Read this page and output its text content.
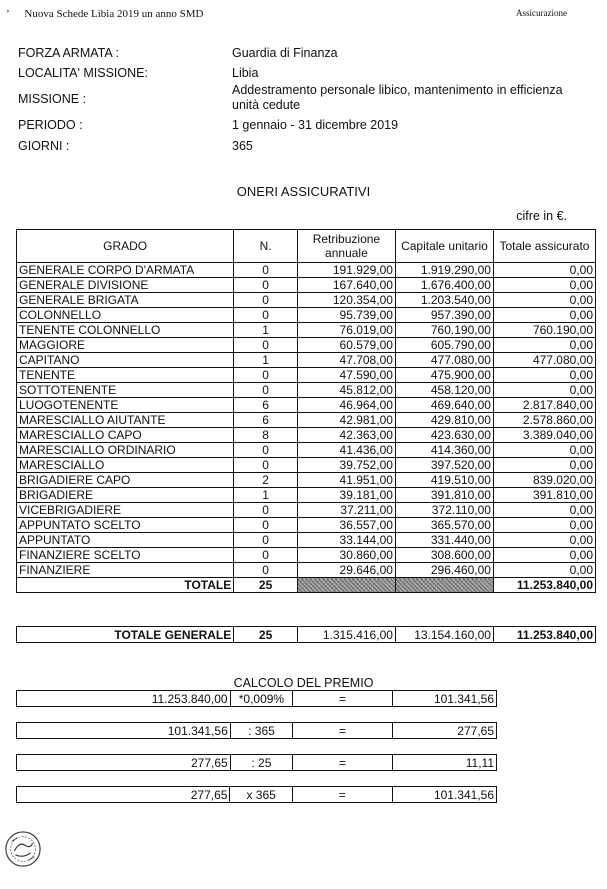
’ Nuova Schede Libia 2019 un anno SMD	Assicurazione
FORZA ARMATA :	Guardia di Finanza
LOCALITA' MISSIONE:	Libia
MISSIONE :
Addestramento personale libico, mantenimento in efficienza unità cedute
PERIODO :	1 gennaio - 31 dicembre 2019
GIORNI :	365
ONERI ASSICURATIVI
cifre in €.
GRADO	N.	Retribuzione annuale	Capitale unitario	Totale assicurato
GENERALE CORPO D'ARMATA	0	191.929,00	1.919.290,00	0,00
GENERALE DIVISIONE	0	167.640,00	1.676.400,00	0,00
GENERALE BRIGATA	0	120.354,00	1.203.540,00	0,00
COLONNELLO	0	95.739,00	957.390,00	0,00
TENENTE COLONNELLO	1	76.019,00	760.190,00	760.190,00
MAGGIORE	0	60.579,00	605.790,00	0,00
CAPITANO	1	47.708,00	477.080,00	477.080,00
TENENTE	0	47.590,00	475.900,00	0,00
SOTTOTENENTE	0	45.812,00	458.120,00	0,00
LUOGOTENENTE	6	46.964,00	469.640,00	2.817.840,00
MARESCIALLO AIUTANTE	6	42.981,00	429.810,00	2.578.860,00
MARESCIALLO CAPO	8	42.363,00	423.630,00	3.389.040,00
MARESCIALLO ORDINARIO	0	41.436,00	414.360,00	0,00
MARESCIALLO	0	39.752,00	397.520,00	0,00
BRIGADIERE CAPO	2	41.951,00	419.510,00	839.020,00
BRIGADIERE	1	39.181,00	391.810,00	391.810,00
VICEBRIGADIERE	0	37.211,00	372.110,00	0,00
APPUNTATO SCELTO	0	36.557,00	365.570,00	0,00
APPUNTATO	0	33.144,00	331.440,00	0,00
FINANZIERE SCELTO	0	30.860,00	308.600,00	0,00
FINANZIERE	0	29.646,00	296.460,00	0,00
TOTALE	25			11.253.840,00
TOTALE GENERALE	25	1.315.416,00	13.154.160,00	11.253.840,00
CALCOLO DEL PREMIO
11.253.840,00	*0,009%	=	101.341,56
101.341,56	: 365	=	277,65
277,65	: 25	=	11,11
277,65	x 365	=	101.341,56
